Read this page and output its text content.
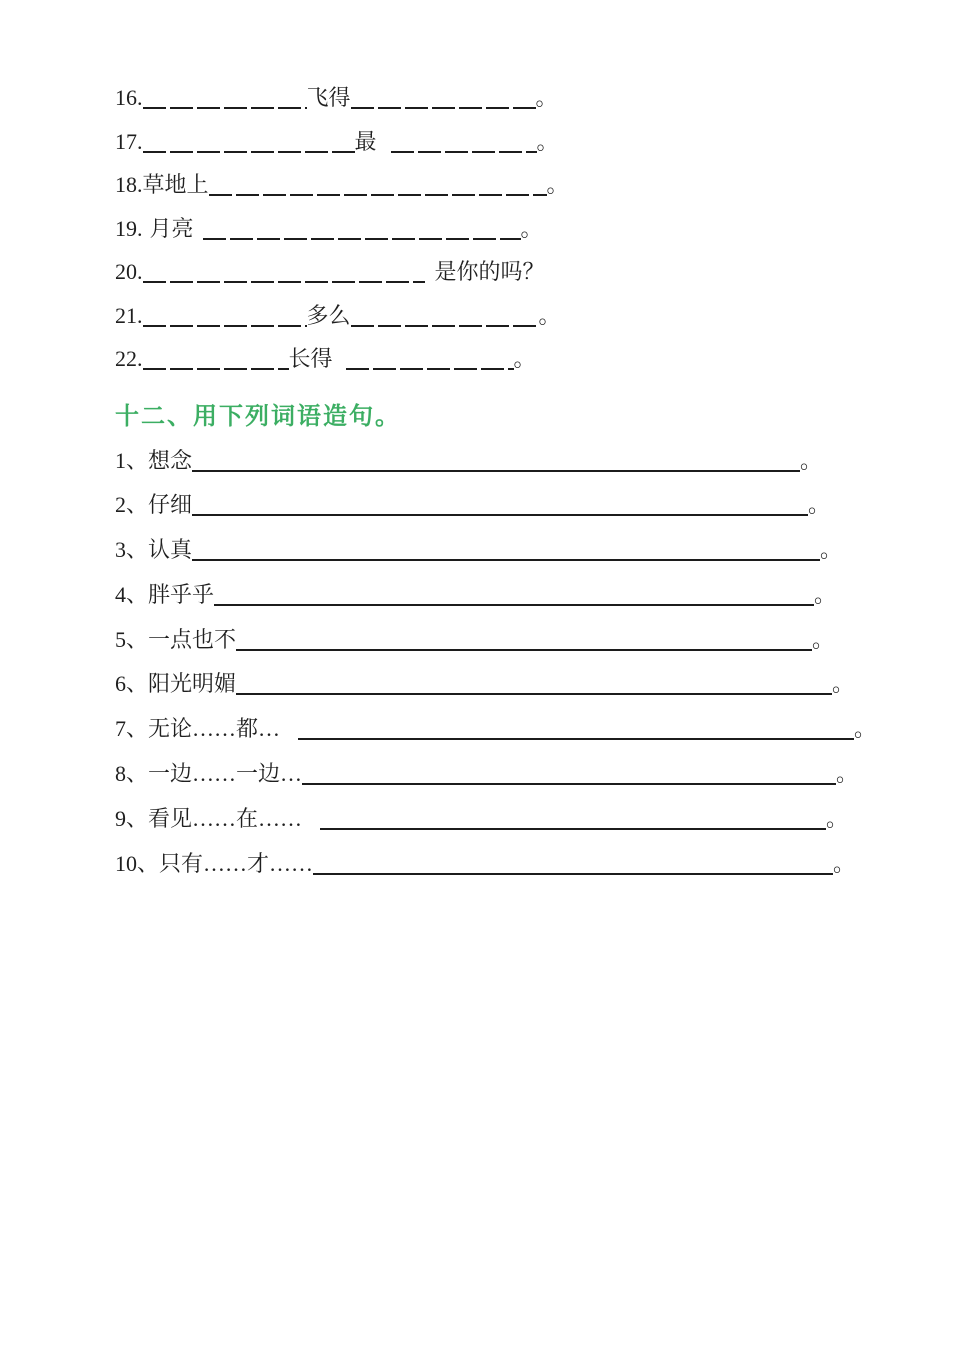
16.	飞得	。
17.	最	。
18.草地上	。
19. 月亮	。
20.	是你的吗？
21.	多么	。
22.	长得	。
十二、用下列词语造句。
1、想念	。
2、仔细	。
3、认真	。
4、胖乎乎	。
5、一点也不	。
6、阳光明媚	。
7、无论……都…	。
8、一边……一边…	。
9、看见……在……	。
10、只有……才……	。
